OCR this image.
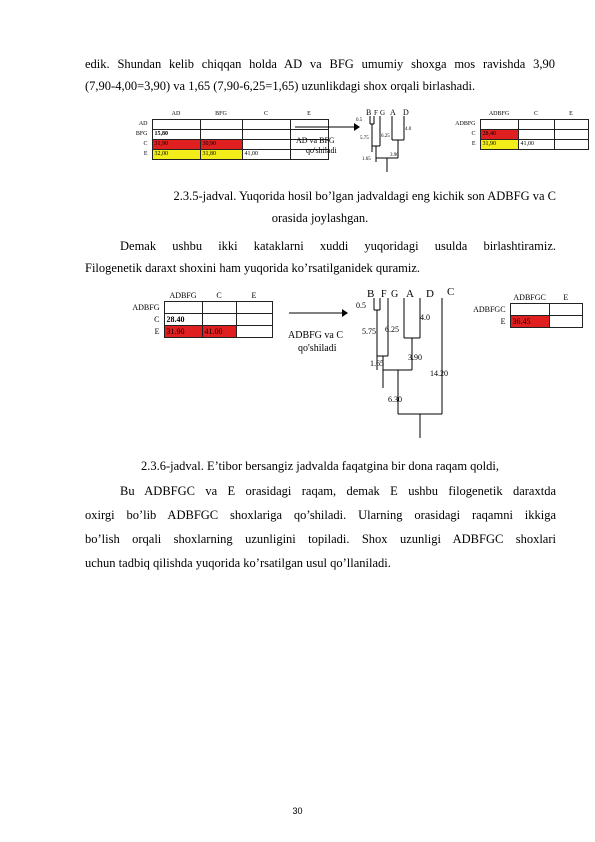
edik. Shundan kelib chiqqan holda AD va BFG umumiy shoxga mos ravishda 3,90
(7,90-4,00=3,90) va 1,65 (7,90-6,25=1,65) uzunlikdagi shox orqali birlashadi.
	AD	BFG	C	E
AD				
BFG	15,80			
C	31,90	30,90		
E	32,00	31,80	41,00	
AD va BFG
qo'shiladi
B F G A D
0.5
5.75 6.25
4.0
1.65
3.90
	ADBFG	C	E
ADBFG			
C	28,40		
E	31,90	41,00	
2.3.5-jadval. Yuqorida hosil bo’lgan jadvaldagi eng kichik son ADBFG va C
orasida joylashgan.
Demak ushbu ikki kataklarni xuddi yuqoridagi usulda birlashtiramiz.
Filogenetik daraxt shoxini ham yuqorida ko’rsatilganidek quramiz.
	ADBFG	C	E
ADBFG			
C	28.40		
E	31.90	41.00		ADBFG va C
qo'shiladi
B F G A D C
0.5
5.75 6.25
4.0
1.65
3.90
14.20
6.30
	ADBFGC	E
ADBFGC		
E	36.45	
2.3.6-jadval. E’tibor bersangiz jadvalda faqatgina bir dona raqam qoldi,
Bu ADBFGC va E orasidagi raqam, demak E ushbu filogenetik daraxtda
oxirgi bo’lib ADBFGC shoxlariga qo’shiladi. Ularning orasidagi raqamni ikkiga
bo’lish orqali shoxlarning uzunligini topiladi. Shox uzunligi ADBFGC shoxlari
uchun tadbiq qilishda yuqorida ko’rsatilgan usul qo’llaniladi.
30
